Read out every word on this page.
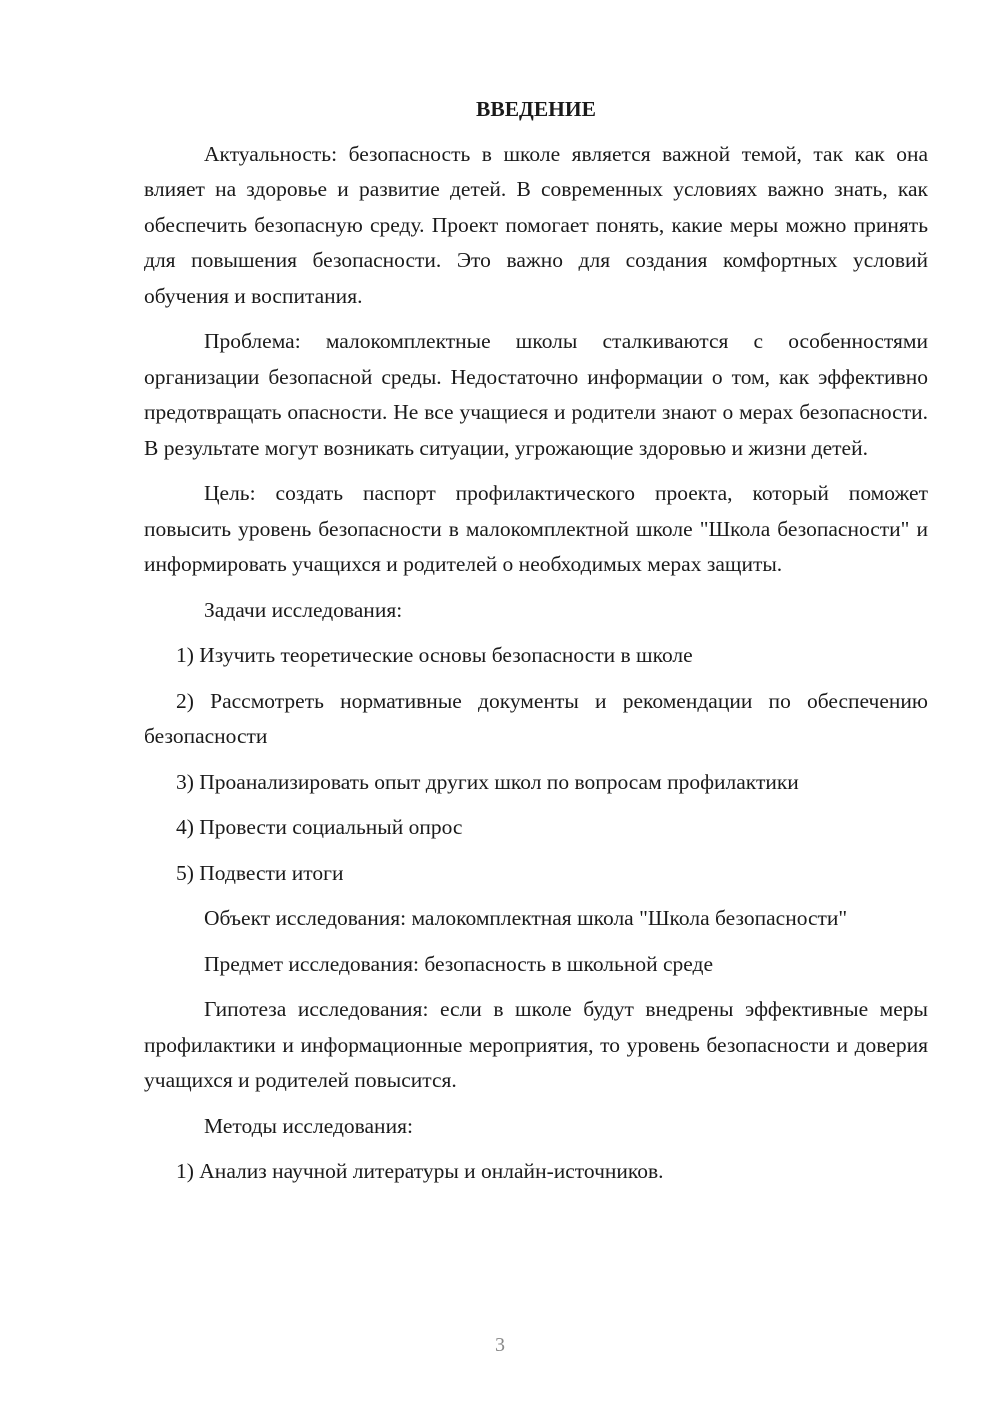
ВВЕДЕНИЕ

Актуальность: безопасность в школе является важной темой, так как она влияет на здоровье и развитие детей. В современных условиях важно знать, как обеспечить безопасную среду. Проект помогает понять, какие меры можно принять для повышения безопасности. Это важно для создания комфортных условий обучения и воспитания.

Проблема: малокомплектные школы сталкиваются с особенностями организации безопасной среды. Недостаточно информации о том, как эффективно предотвращать опасности. Не все учащиеся и родители знают о мерах безопасности. В результате могут возникать ситуации, угрожающие здоровью и жизни детей.

Цель: создать паспорт профилактического проекта, который поможет повысить уровень безопасности в малокомплектной школе "Школа безопасности" и информировать учащихся и родителей о необходимых мерах защиты.

Задачи исследования:

1) Изучить теоретические основы безопасности в школе

2) Рассмотреть нормативные документы и рекомендации по обеспечению безопасности

3) Проанализировать опыт других школ по вопросам профилактики

4) Провести социальный опрос

5) Подвести итоги

Объект исследования: малокомплектная школа "Школа безопасности"

Предмет исследования: безопасность в школьной среде

Гипотеза исследования: если в школе будут внедрены эффективные меры профилактики и информационные мероприятия, то уровень безопасности и доверия учащихся и родителей повысится.

Методы исследования:

1) Анализ научной литературы и онлайн-источников.

3
